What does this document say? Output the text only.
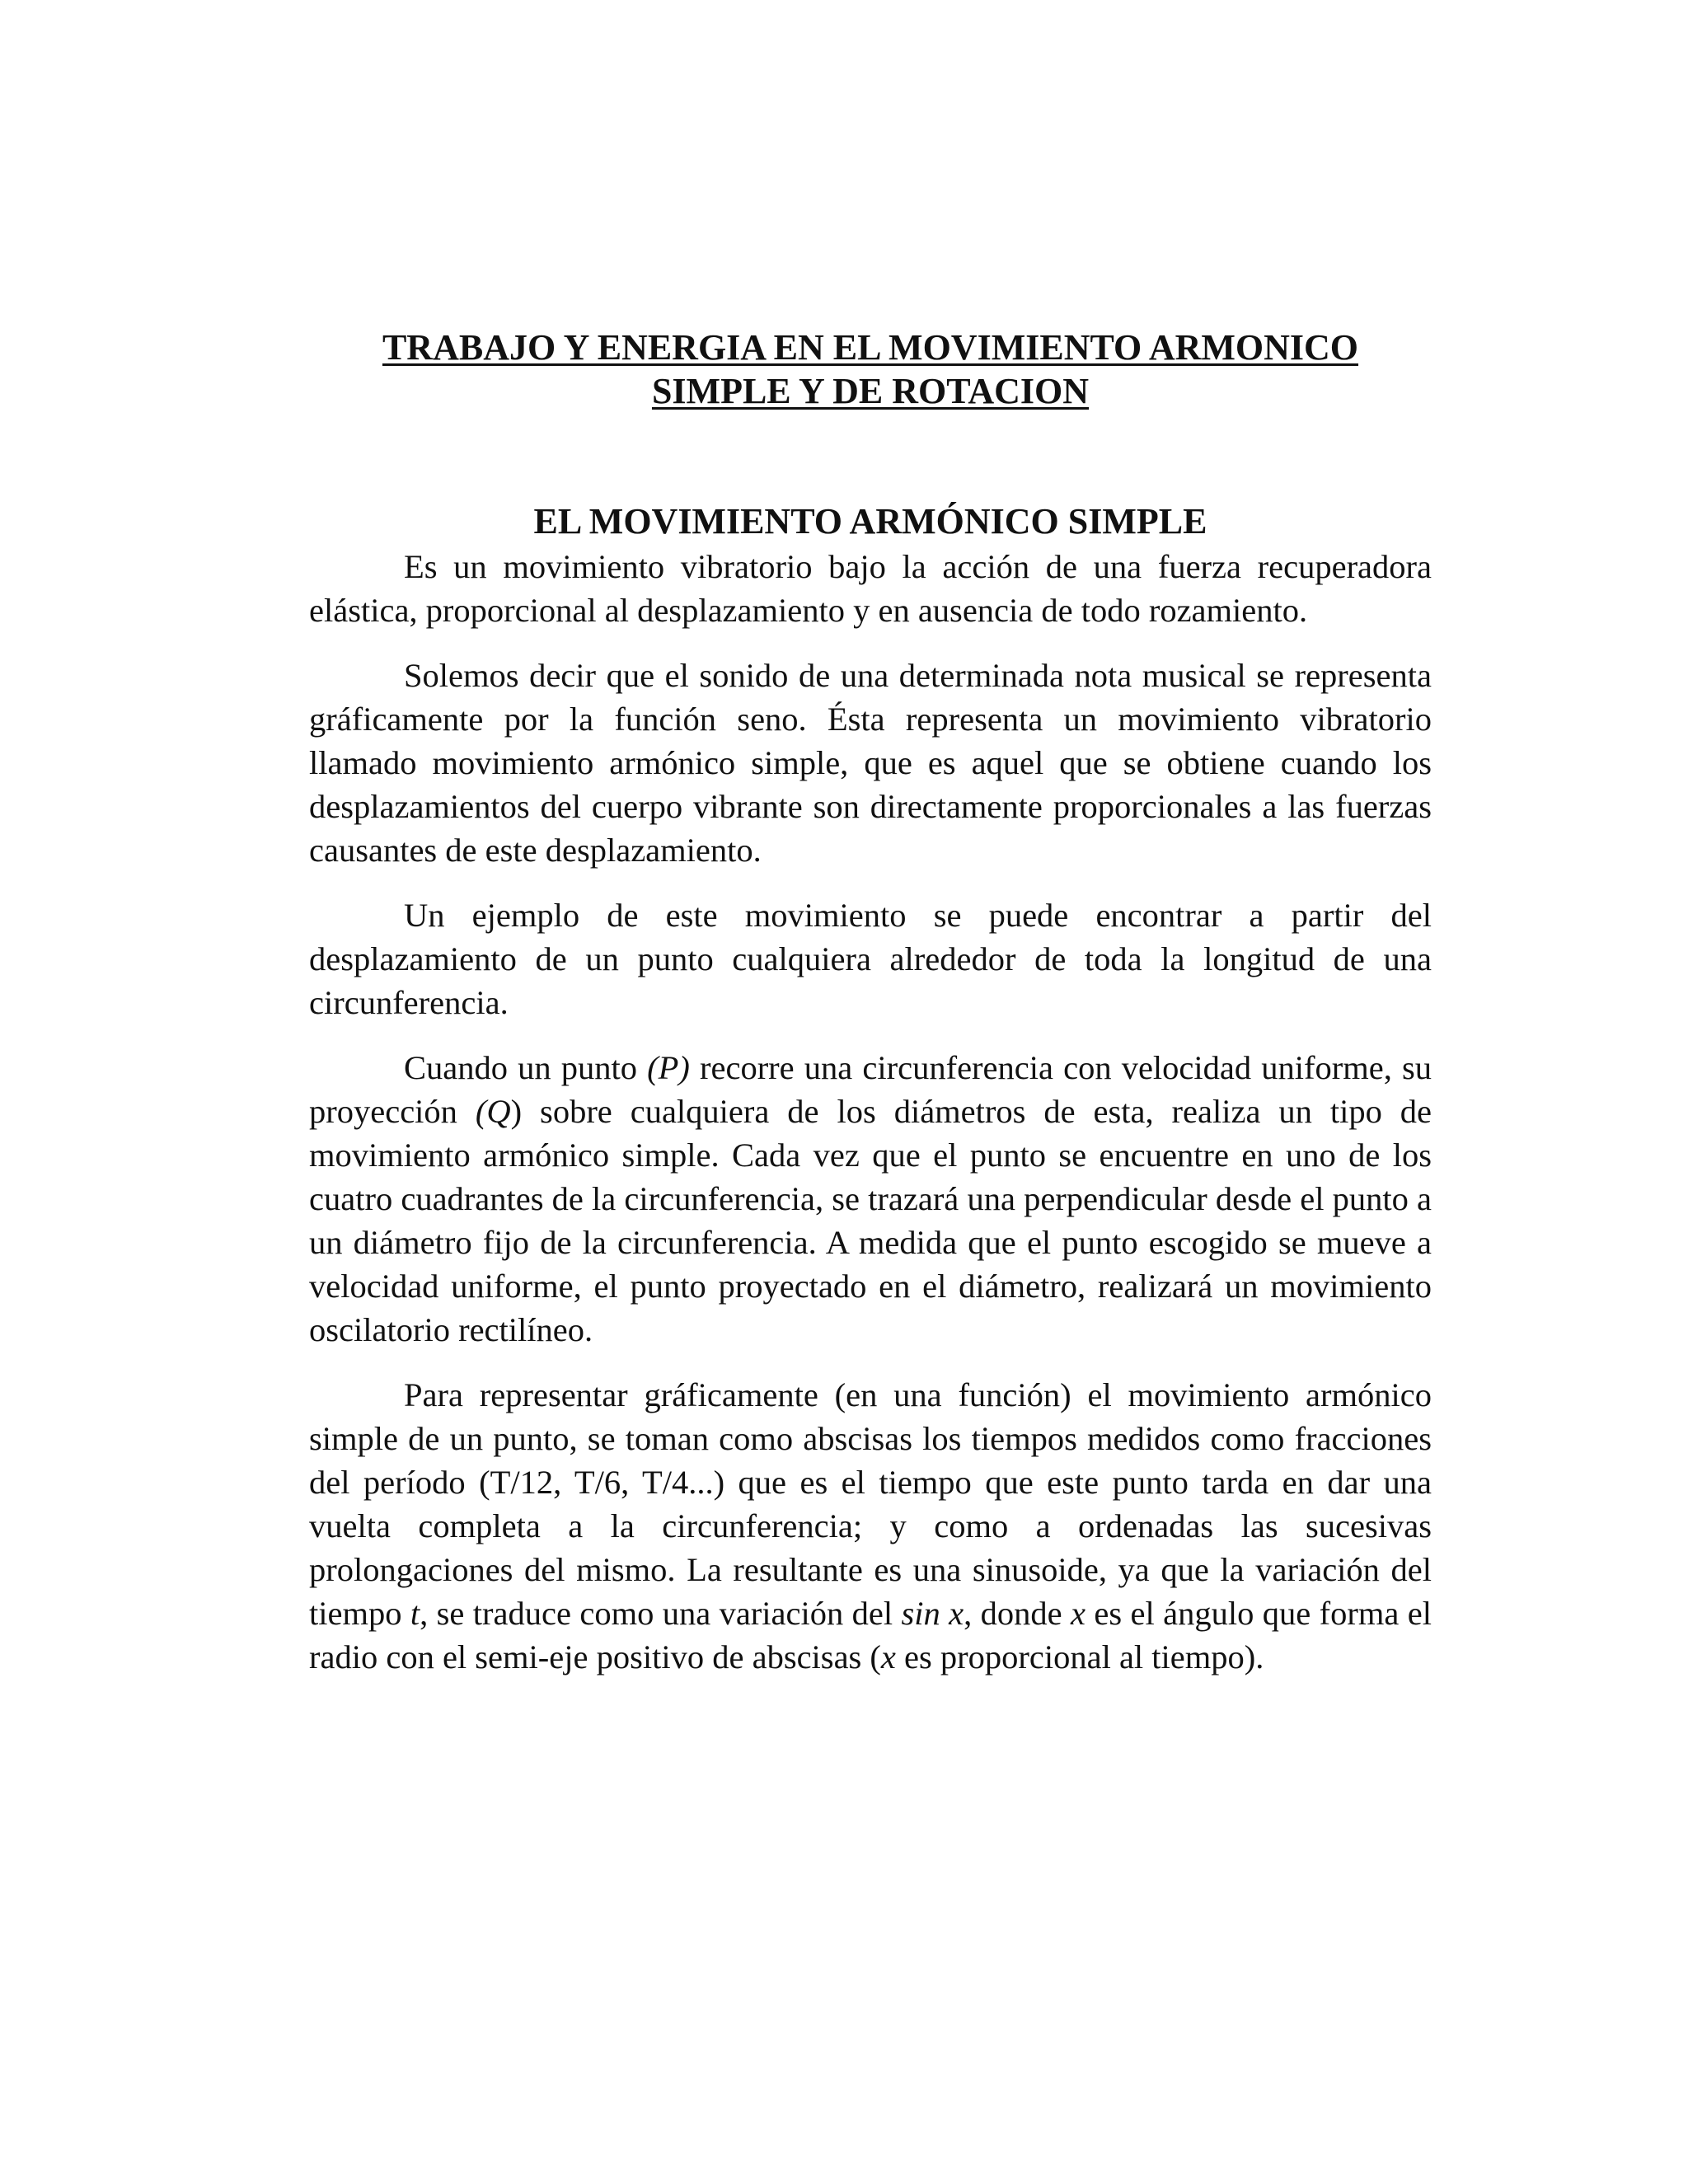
TRABAJO Y ENERGIA EN EL MOVIMIENTO ARMONICO
SIMPLE Y DE ROTACION
EL MOVIMIENTO ARMÓNICO SIMPLE

Es un movimiento vibratorio bajo la acción de una fuerza recuperadora elástica, proporcional al desplazamiento y en ausencia de todo rozamiento.

Solemos decir que el sonido de una determinada nota musical se representa gráficamente por la función seno. Ésta representa un movimiento vibratorio llamado movimiento armónico simple, que es aquel que se obtiene cuando los desplazamientos del cuerpo vibrante son directamente proporcionales a las fuerzas causantes de este desplazamiento.

Un ejemplo de este movimiento se puede encontrar a partir del desplazamiento de un punto cualquiera alrededor de toda la longitud de una circunferencia.

Cuando un punto (P) recorre una circunferencia con velocidad uniforme, su proyección (Q) sobre cualquiera de los diámetros de esta, realiza un tipo de movimiento armónico simple. Cada vez que el punto se encuentre en uno de los cuatro cuadrantes de la circunferencia, se trazará una perpendicular desde el punto a un diámetro fijo de la circunferencia. A medida que el punto escogido se mueve a velocidad uniforme, el punto proyectado en el diámetro, realizará un movimiento oscilatorio rectilíneo.

Para representar gráficamente (en una función) el movimiento armónico simple de un punto, se toman como abscisas los tiempos medidos como fracciones del período (T/12, T/6, T/4...) que es el tiempo que este punto tarda en dar una vuelta completa a la circunferencia; y como a ordenadas las sucesivas prolongaciones del mismo. La resultante es una sinusoide, ya que la variación del tiempo t, se traduce como una variación del sin x, donde x es el ángulo que forma el radio con el semi-eje positivo de abscisas (x es proporcional al tiempo).
